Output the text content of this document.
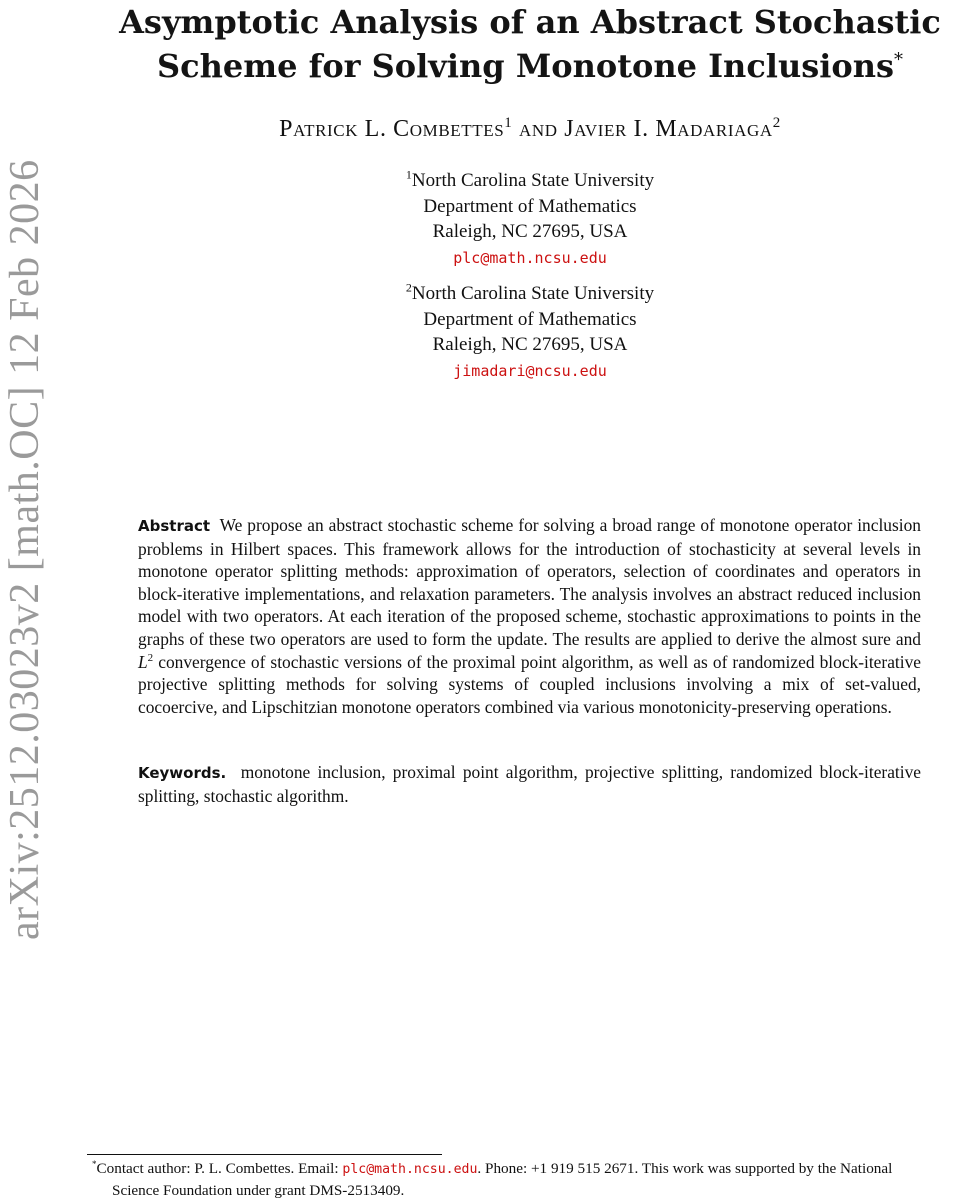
arXiv:2512.03023v2 [math.OC] 12 Feb 2026
Asymptotic Analysis of an Abstract Stochastic
Scheme for Solving Monotone Inclusions*
Patrick L. Combettes$^1$ and Javier I. Madariaga$^2$
$^1$North Carolina State University
Department of Mathematics
Raleigh, NC 27695, USA
plc@math.ncsu.edu
$^2$North Carolina State University
Department of Mathematics
Raleigh, NC 27695, USA
jimadari@ncsu.edu
Abstract We propose an abstract stochastic scheme for solving a broad range of monotone operator inclusion problems in Hilbert spaces. This framework allows for the introduction of stochasticity at several levels in monotone operator splitting methods: approximation of operators, selection of coordinates and operators in block-iterative implementations, and relaxation parameters. The analysis involves an abstract reduced inclusion model with two operators. At each iteration of the proposed scheme, stochastic approximations to points in the graphs of these two operators are used to form the update. The results are applied to derive the almost sure and $L^2$ convergence of stochastic versions of the proximal point algorithm, as well as of randomized block-iterative projective splitting methods for solving systems of coupled inclusions involving a mix of set-valued, cocoercive, and Lipschitzian monotone operators combined via various monotonicity-preserving operations.
Keywords. monotone inclusion, proximal point algorithm, projective splitting, randomized block-iterative splitting, stochastic algorithm.
*Contact author: P. L. Combettes. Email: plc@math.ncsu.edu. Phone: +1 919 515 2671. This work was supported by the National
Science Foundation under grant DMS-2513409.
